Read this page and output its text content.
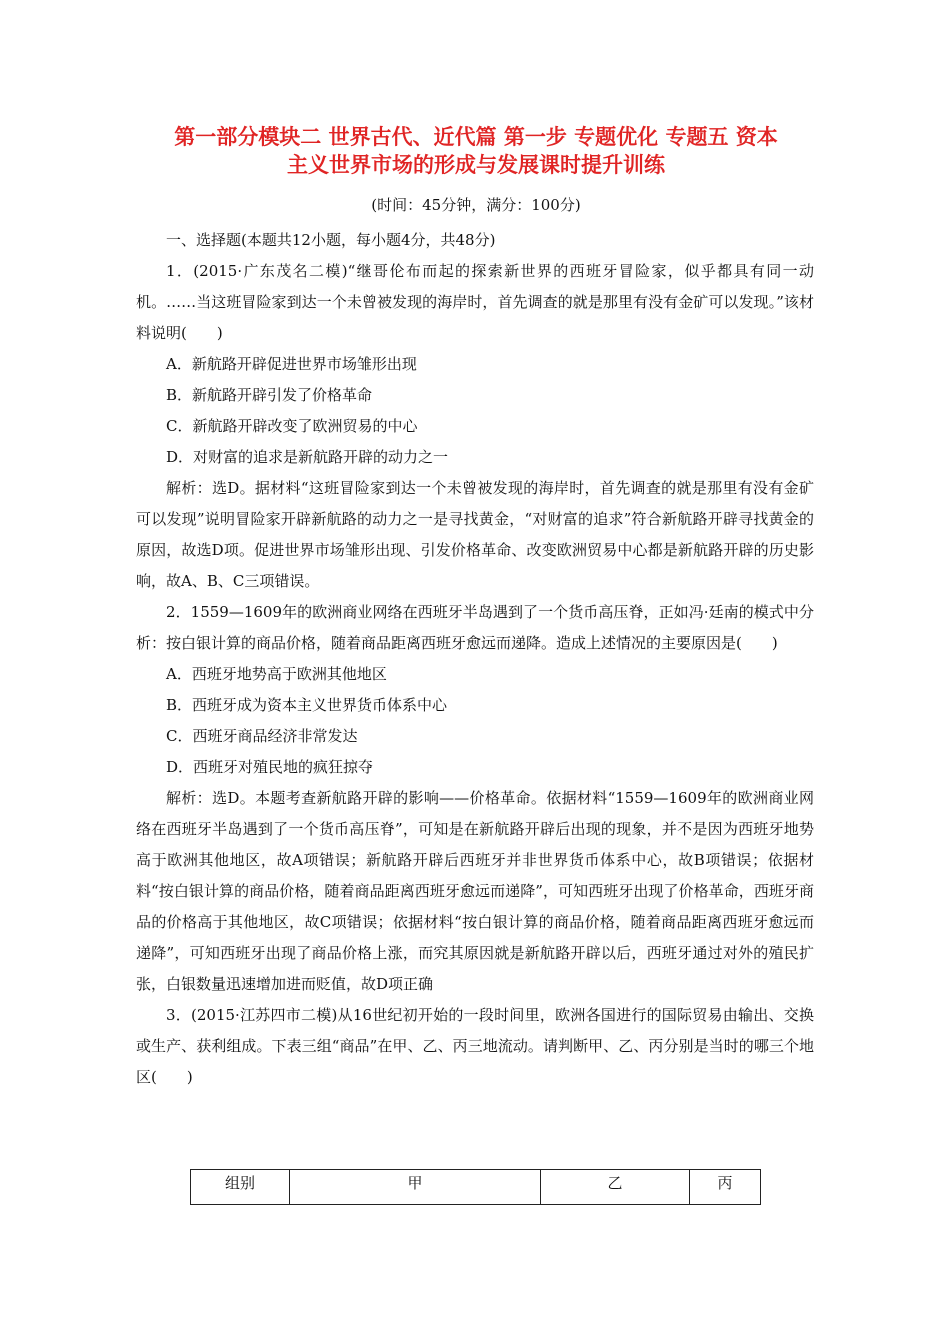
第一部分模块二 世界古代、近代篇 第一步 专题优化 专题五 资本
主义世界市场的形成与发展课时提升训练
(时间：45分钟，满分：100分)

一、选择题(本题共12小题，每小题4分，共48分)

1．(2015·广东茂名二模)“继哥伦布而起的探索新世界的西班牙冒险家，似乎都具有同一动机。……当这班冒险家到达一个未曾被发现的海岸时，首先调查的就是那里有没有金矿可以发现。”该材料说明(　　)

A．新航路开辟促进世界市场雏形出现

B．新航路开辟引发了价格革命

C．新航路开辟改变了欧洲贸易的中心

D．对财富的追求是新航路开辟的动力之一

解析：选D。据材料“这班冒险家到达一个未曾被发现的海岸时，首先调查的就是那里有没有金矿可以发现”说明冒险家开辟新航路的动力之一是寻找黄金，“对财富的追求”符合新航路开辟寻找黄金的原因，故选D项。促进世界市场雏形出现、引发价格革命、改变欧洲贸易中心都是新航路开辟的历史影响，故A、B、C三项错误。

2．1559—1609年的欧洲商业网络在西班牙半岛遇到了一个货币高压脊，正如冯·廷南的模式中分析：按白银计算的商品价格，随着商品距离西班牙愈远而递降。造成上述情况的主要原因是(　　)

A．西班牙地势高于欧洲其他地区

B．西班牙成为资本主义世界货币体系中心

C．西班牙商品经济非常发达

D．西班牙对殖民地的疯狂掠夺

解析：选D。本题考查新航路开辟的影响——价格革命。依据材料“1559—1609年的欧洲商业网络在西班牙半岛遇到了一个货币高压脊”，可知是在新航路开辟后出现的现象，并不是因为西班牙地势高于欧洲其他地区，故A项错误；新航路开辟后西班牙并非世界货币体系中心，故B项错误；依据材料“按白银计算的商品价格，随着商品距离西班牙愈远而递降”，可知西班牙出现了价格革命，西班牙商品的价格高于其他地区，故C项错误；依据材料“按白银计算的商品价格，随着商品距离西班牙愈远而递降”，可知西班牙出现了商品价格上涨，而究其原因就是新航路开辟以后，西班牙通过对外的殖民扩张，白银数量迅速增加进而贬值，故D项正确

3．(2015·江苏四市二模)从16世纪初开始的一段时间里，欧洲各国进行的国际贸易由输出、交换或生产、获利组成。下表三组“商品”在甲、乙、丙三地流动。请判断甲、乙、丙分别是当时的哪三个地区(　　)

组别	甲	乙	丙
